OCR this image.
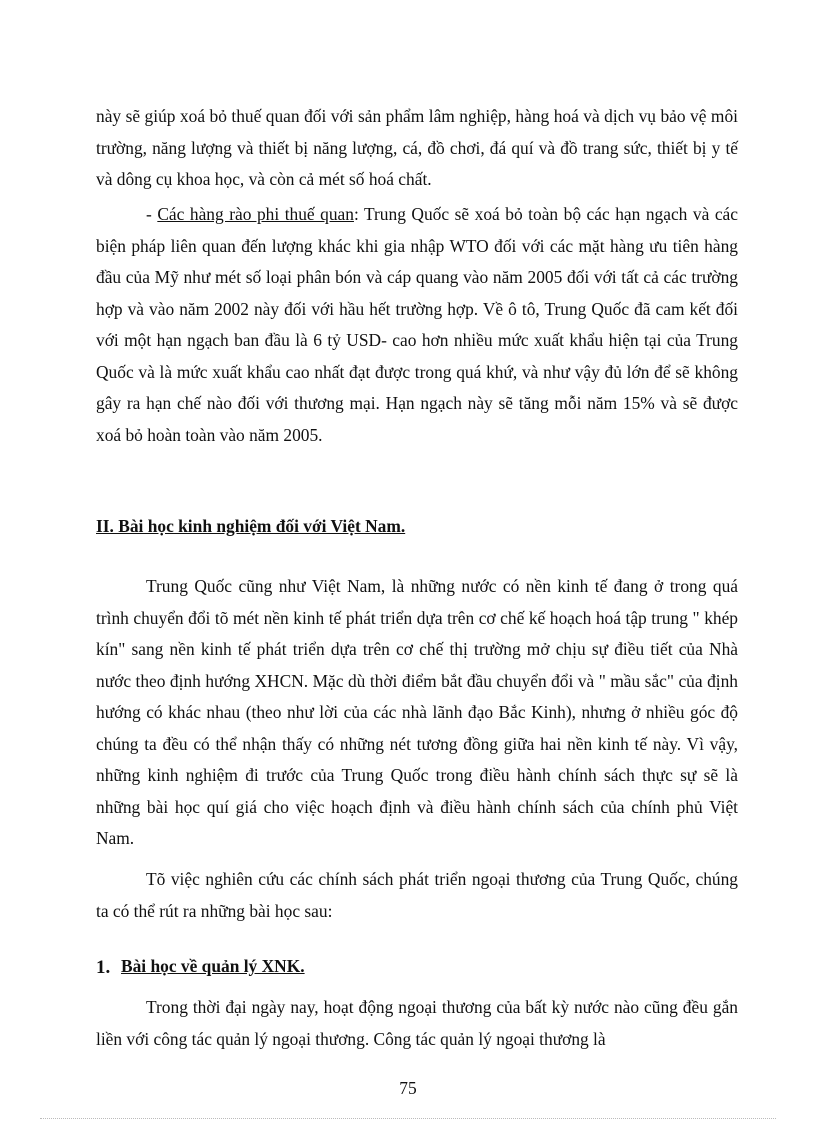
này sẽ giúp xoá bỏ thuế quan đối với sản phẩm lâm nghiệp, hàng hoá và dịch vụ bảo vệ môi trường, năng lượng và thiết bị năng lượng, cá, đồ chơi, đá quí và đồ trang sức, thiết bị y tế và dông cụ khoa học, và còn cả mét số hoá chất.

- Các hàng rào phi thuế quan: Trung Quốc sẽ xoá bỏ toàn bộ các hạn ngạch và các biện pháp liên quan đến lượng khác khi gia nhập WTO đối với các mặt hàng ưu tiên hàng đầu của Mỹ như mét số loại phân bón và cáp quang vào năm 2005 đối với tất cả các trường hợp và vào năm 2002 này đối với hầu hết trường hợp. Về ô tô, Trung Quốc đã cam kết đối với một hạn ngạch ban đầu là 6 tỷ USD- cao hơn nhiều mức xuất khẩu hiện tại của Trung Quốc và là mức xuất khẩu cao nhất đạt được trong quá khứ, và như vậy đủ lớn để sẽ không gây ra hạn chế nào đối với thương mại. Hạn ngạch này sẽ tăng mỗi năm 15% và sẽ được xoá bỏ hoàn toàn vào năm 2005.

II. Bài học kinh nghiệm đối với Việt Nam.

Trung Quốc cũng như Việt Nam, là những nước có nền kinh tế đang ở trong quá trình chuyển đổi tõ mét nền kinh tế phát triển dựa trên cơ chế kế hoạch hoá tập trung " khép kín" sang nền kinh tế phát triển dựa trên cơ chế thị trường mở chịu sự điều tiết của Nhà nước theo định hướng XHCN. Mặc dù thời điểm bắt đầu chuyển đổi và " mầu sắc" của định hướng có khác nhau (theo như lời của các nhà lãnh đạo Bắc Kinh), nhưng ở nhiều góc độ chúng ta đều có thể nhận thấy có những nét tương đồng giữa hai nền kinh tế này. Vì vậy, những kinh nghiệm đi trước của Trung Quốc trong điều hành chính sách thực sự sẽ là những bài học quí giá cho việc hoạch định và điều hành chính sách của chính phủ Việt Nam.

Tõ việc nghiên cứu các chính sách phát triển ngoại thương của Trung Quốc, chúng ta có thể rút ra những bài học sau:

1. Bài học về quản lý XNK.

Trong thời đại ngày nay, hoạt động ngoại thương của bất kỳ nước nào cũng đều gắn liền với công tác quản lý ngoại thương. Công tác quản lý ngoại thương là

75
